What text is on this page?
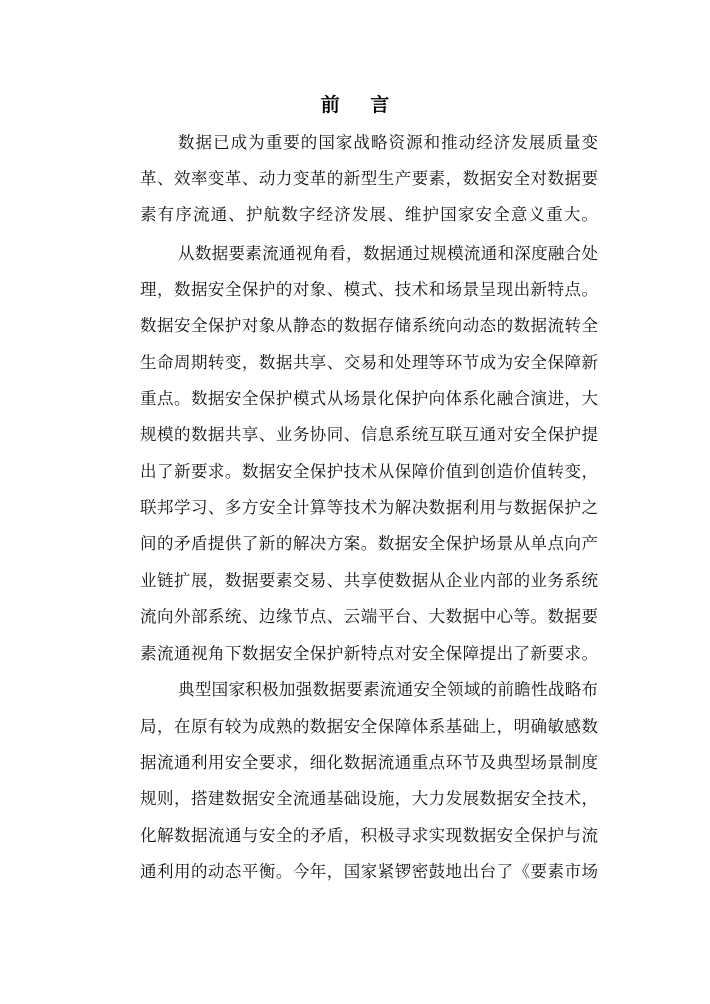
前 言
数据已成为重要的国家战略资源和推动经济发展质量变
革、效率变革、动力变革的新型生产要素，数据安全对数据要
素有序流通、护航数字经济发展、维护国家安全意义重大。
从数据要素流通视角看，数据通过规模流通和深度融合处
理，数据安全保护的对象、模式、技术和场景呈现出新特点。
数据安全保护对象从静态的数据存储系统向动态的数据流转全
生命周期转变，数据共享、交易和处理等环节成为安全保障新
重点。数据安全保护模式从场景化保护向体系化融合演进，大
规模的数据共享、业务协同、信息系统互联互通对安全保护提
出了新要求。数据安全保护技术从保障价值到创造价值转变，
联邦学习、多方安全计算等技术为解决数据利用与数据保护之
间的矛盾提供了新的解决方案。数据安全保护场景从单点向产
业链扩展，数据要素交易、共享使数据从企业内部的业务系统
流向外部系统、边缘节点、云端平台、大数据中心等。数据要
素流通视角下数据安全保护新特点对安全保障提出了新要求。
典型国家积极加强数据要素流通安全领域的前瞻性战略布
局，在原有较为成熟的数据安全保障体系基础上，明确敏感数
据流通利用安全要求，细化数据流通重点环节及典型场景制度
规则，搭建数据安全流通基础设施，大力发展数据安全技术，
化解数据流通与安全的矛盾，积极寻求实现数据安全保护与流
通利用的动态平衡。今年，国家紧锣密鼓地出台了《要素市场
